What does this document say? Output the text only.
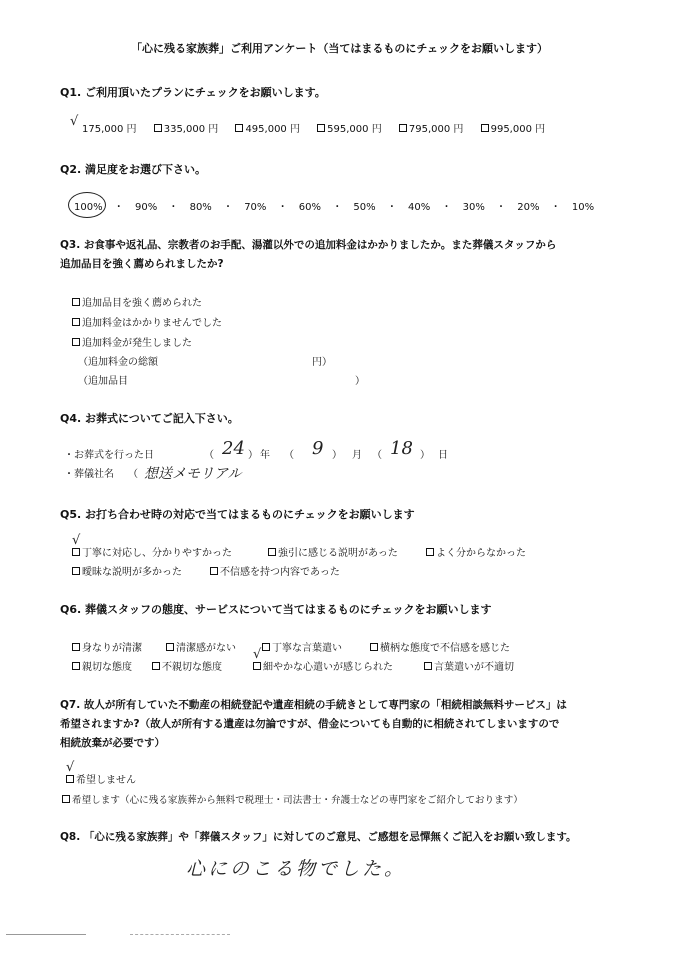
「心に残る家族葬」ご利用アンケート（当てはまるものにチェックをお願いします）
Q1. ご利用頂いたプランにチェックをお願いします。
√
175,000 円	335,000 円	495,000 円	595,000 円	795,000 円	995,000 円
Q2. 満足度をお選び下さい。
100% ・ 90% ・ 80% ・ 70% ・ 60% ・ 50% ・ 40% ・ 30% ・ 20% ・ 10%
Q3. お食事や返礼品、宗教者のお手配、湯灌以外での追加料金はかかりましたか。また葬儀スタッフから
追加品目を強く薦められましたか?
追加品目を強く薦められた
追加料金はかかりませんでした
追加料金が発生しました
（追加料金の総額	円）
（追加品目	）
Q4. お葬式についてご記入下さい。
・お葬式を行った日	（ 24 ） 年 （ 9 ） 月 （ 18 ） 日
・葬儀社名 （ 想送メモリアル
Q5. お打ち合わせ時の対応で当てはまるものにチェックをお願いします
√
丁寧に対応し、分かりやすかった	強引に感じる説明があった	よく分からなかった
曖昧な説明が多かった	不信感を持つ内容であった
Q6. 葬儀スタッフの態度、サービスについて当てはまるものにチェックをお願いします
身なりが清潔	清潔感がない	丁寧な言葉遣い	横柄な態度で不信感を感じた
親切な態度	不親切な態度
√
細やかな心遣いが感じられた	言葉遣いが不適切
Q7. 故人が所有していた不動産の相続登記や遺産相続の手続きとして専門家の「相続相談無料サービス」は
希望されますか?（故人が所有する遺産は勿論ですが、借金についても自動的に相続されてしまいますので
相続放棄が必要です）
√
希望しません
希望します（心に残る家族葬から無料で税理士・司法書士・弁護士などの専門家をご紹介しております）
Q8. 「心に残る家族葬」や「葬儀スタッフ」に対してのご意見、ご感想を忌憚無くご記入をお願い致します。
心にのこる物でした。
